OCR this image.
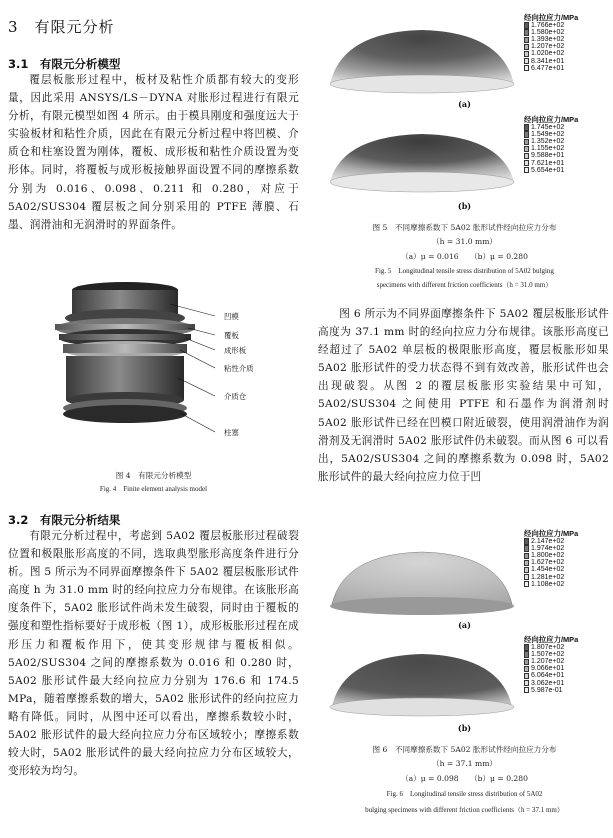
3　有限元分析
3.1　有限元分析模型

覆层板胀形过程中，板材及粘性介质都有较大的变形量，因此采用 ANSYS/LS－DYNA 对胀形过程进行有限元分析，有限元模型如图 4 所示。由于模具刚度和强度远大于实验板材和粘性介质，因此在有限元分析过程中将凹模、介质仓和柱塞设置为刚体，覆板、成形板和粘性介质设置为变形体。同时，将覆板与成形板接触界面设置不同的摩擦系数分别为 0.016、0.098、0.211 和 0.280，对应于 5A02/SUS304 覆层板之间分别采用的 PTFE 薄膜、石墨、润滑油和无润滑时的界面条件。

凹模
覆板
成形板
粘性介质
介质仓
柱塞
图 4　有限元分析模型
Fig. 4　Finite element analysis model
3.2　有限元分析结果

有限元分析过程中，考虑到 5A02 覆层板胀形过程破裂位置和极限胀形高度的不同，选取典型胀形高度条件进行分析。图 5 所示为不同界面摩擦条件下 5A02 覆层板胀形试件高度 h 为 31.0 mm 时的经向拉应力分布规律。在该胀形高度条件下，5A02 胀形试件尚未发生破裂，同时由于覆板的强度和塑性指标要好于成形板（图 1），成形板胀形过程在成形压力和覆板作用下，使其变形规律与覆板相似。5A02/SUS304 之间的摩擦系数为 0.016 和 0.280 时，5A02 胀形试件最大经向拉应力分别为 176.6 和 174.5 MPa，随着摩擦系数的增大，5A02 胀形试件的经向拉应力略有降低。同时，从图中还可以看出，摩擦系数较小时，5A02 胀形试件的最大经向拉应力分布区域较小；摩擦系数较大时，5A02 胀形试件的最大经向拉应力分布区域较大，变形较为均匀。

经向拉应力/MPa
1.766e+02
1.580e+02
1.393e+02
1.207e+02
1.020e+02
8.341e+01
6.477e+01
(a)
经向拉应力/MPa
1.745e+02
1.549e+02
1.352e+02
1.155e+02
9.588e+01
7.621e+01
5.654e+01
(b)
图 5　不同摩擦系数下 5A02 胀形试件经向拉应力分布
（h = 31.0 mm）
（a）μ = 0.016　　（b）μ = 0.280
Fig. 5　Longitudinal tensile stress distribution of 5A02 bulging
specimens with different friction coefficients（h = 31.0 mm）

图 6 所示为不同界面摩擦条件下 5A02 覆层板胀形试件高度为 37.1 mm 时的经向拉应力分布规律。该胀形高度已经超过了 5A02 单层板的极限胀形高度，覆层板胀形如果 5A02 胀形试件的受力状态得不到有效改善，胀形试件也会出现破裂。从图 2 的覆层板胀形实验结果中可知，5A02/SUS304 之间使用 PTFE 和石墨作为润滑剂时 5A02 胀形试件已经在凹模口附近破裂，使用润滑油作为润滑剂及无润滑时 5A02 胀形试件仍未破裂。而从图 6 可以看出，5A02/SUS304 之间的摩擦系数为 0.098 时，5A02 胀形试件的最大经向拉应力位于凹

经向拉应力/MPa
2.147e+02
1.974e+02
1.800e+02
1.627e+02
1.454e+02
1.281e+02
1.108e+02
(a)
经向拉应力/MPa
1.807e+02
1.507e+02
1.207e+02
9.066e+01
6.064e+01
3.062e+01
5.987e-01
(b)
图 6　不同摩擦系数下 5A02 胀形试件经向拉应力分布
（h = 37.1 mm）
（a）μ = 0.098　　（b）μ = 0.280
Fig. 6　Longitudinal tensile stress distribution of 5A02
bulging specimens with different friction coefficients（h = 37.1 mm）
